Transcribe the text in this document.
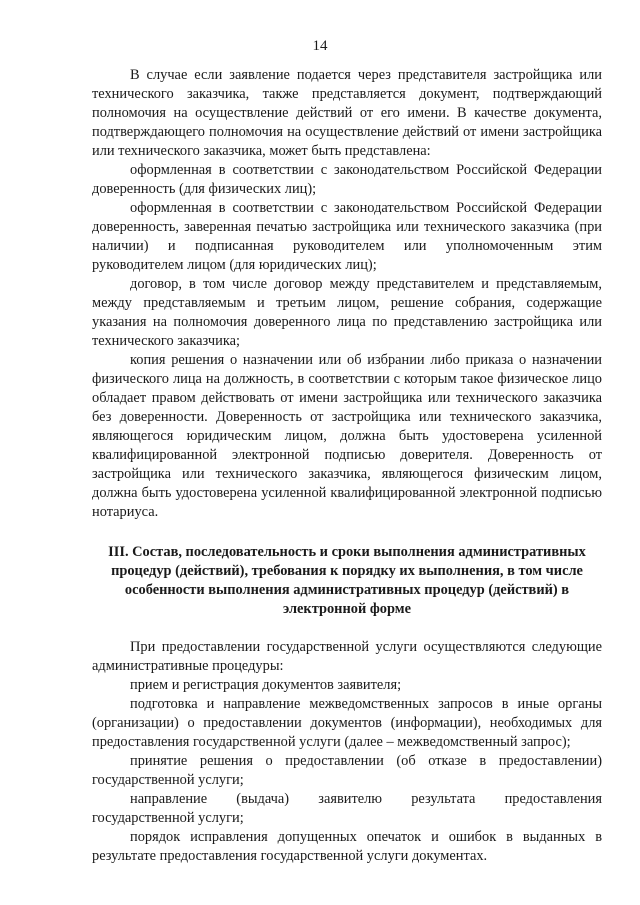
14

В случае если заявление подается через представителя застройщика или технического заказчика, также представляется документ, подтверждающий полномочия на осуществление действий от его имени. В качестве документа, подтверждающего полномочия на осуществление действий от имени застройщика или технического заказчика, может быть представлена:

оформленная в соответствии с законодательством Российской Федерации доверенность (для физических лиц);

оформленная в соответствии с законодательством Российской Федерации доверенность, заверенная печатью застройщика или технического заказчика (при наличии) и подписанная руководителем или уполномоченным этим руководителем лицом (для юридических лиц);

договор, в том числе договор между представителем и представляемым, между представляемым и третьим лицом, решение собрания, содержащие указания на полномочия доверенного лица по представлению застройщика или технического заказчика;

копия решения о назначении или об избрании либо приказа о назначении физического лица на должность, в соответствии с которым такое физическое лицо обладает правом действовать от имени застройщика или технического заказчика без доверенности. Доверенность от застройщика или технического заказчика, являющегося юридическим лицом, должна быть удостоверена усиленной квалифицированной электронной подписью доверителя. Доверенность от застройщика или технического заказчика, являющегося физическим лицом, должна быть удостоверена усиленной квалифицированной электронной подписью нотариуса.

III. Состав, последовательность и сроки выполнения административных процедур (действий), требования к порядку их выполнения, в том числе особенности выполнения административных процедур (действий) в электронной форме

При предоставлении государственной услуги осуществляются следующие административные процедуры:

прием и регистрация документов заявителя;

подготовка и направление межведомственных запросов в иные органы (организации) о предоставлении документов (информации), необходимых для предоставления государственной услуги (далее – межведомственный запрос);

принятие решения о предоставлении (об отказе в предоставлении) государственной услуги;

направление (выдача) заявителю результата предоставления государственной услуги;

порядок исправления допущенных опечаток и ошибок в выданных в результате предоставления государственной услуги документах.
